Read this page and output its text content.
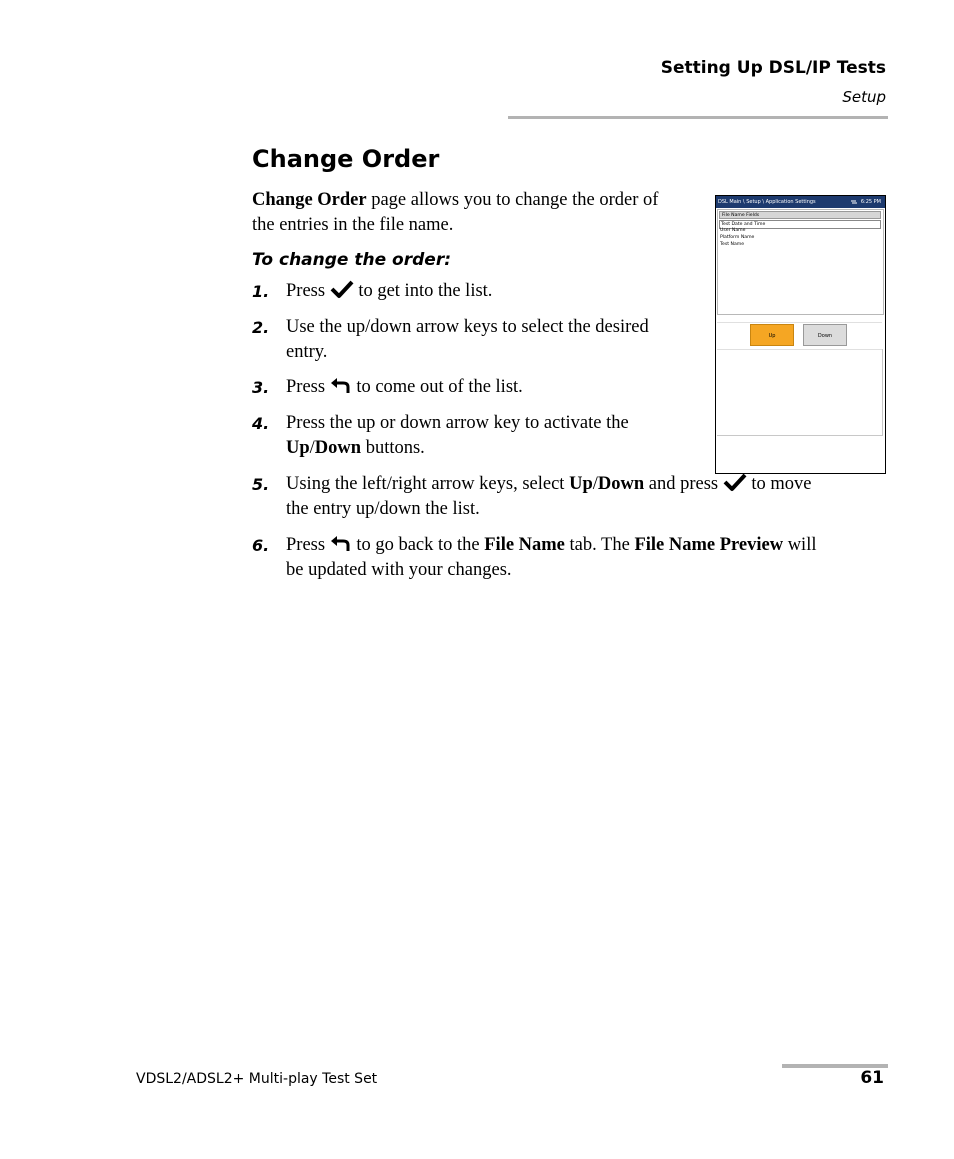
Setting Up DSL/IP Tests
Setup
Change Order
Change Order page allows you to change the order of
the entries in the file name.
To change the order:
1. Press  to get into the list.
2. Use the up/down arrow keys to select the desired
entry.
3. Press  to come out of the list.
4. Press the up or down arrow key to activate the
Up/Down buttons.
5. Using the left/right arrow keys, select Up/Down and press  to move
the entry up/down the list.
6. Press  to go back to the File Name tab. The File Name Preview will
be updated with your changes.
DSL Main \ Setup \ Application Settings	6:25 PM
File Name Fields
Test Date and Time
User Name
Platform Name
Test Name
Up	Down
VDSL2/ADSL2+ Multi-play Test Set	61
